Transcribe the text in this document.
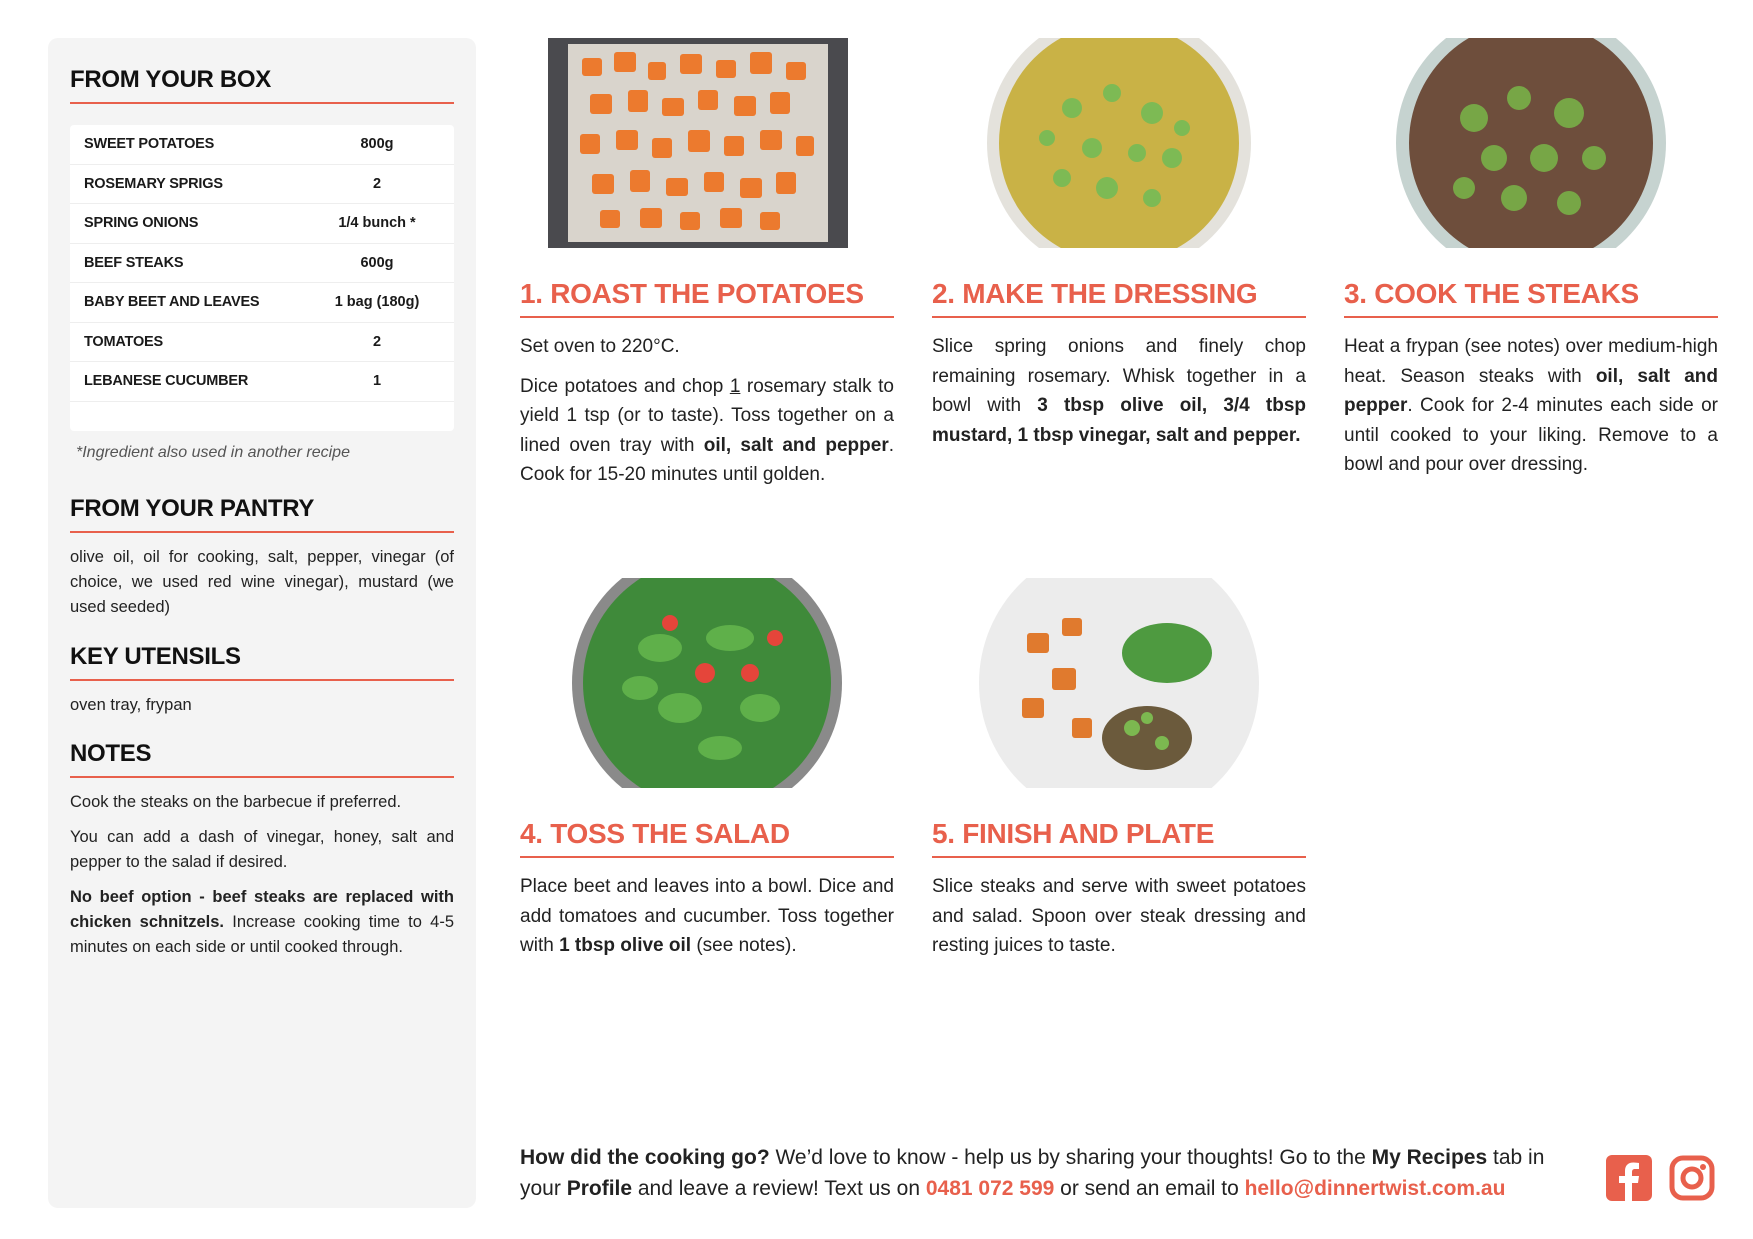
FROM YOUR BOX
SWEET POTATOES	800g
ROSEMARY SPRIGS	2
SPRING ONIONS	1/4 bunch *
BEEF STEAKS	600g
BABY BEET AND LEAVES	1 bag (180g)
TOMATOES	2
LEBANESE CUCUMBER	1
*Ingredient also used in another recipe
FROM YOUR PANTRY
olive oil, oil for cooking, salt, pepper, vinegar (of choice, we used red wine vinegar), mustard (we used seeded)
KEY UTENSILS
oven tray, frypan
NOTES

Cook the steaks on the barbecue if preferred.

You can add a dash of vinegar, honey, salt and pepper to the salad if desired.

No beef option - beef steaks are replaced with chicken schnitzels. Increase cooking time to 4-5 minutes on each side or until cooked through.

1. ROAST THE POTATOES

Set oven to 220°C.

Dice potatoes and chop 1 rosemary stalk to yield 1 tsp (or to taste). Toss together on a lined oven tray with oil, salt and pepper. Cook for 15-20 minutes until golden.

2. MAKE THE DRESSING

Slice spring onions and finely chop remaining rosemary. Whisk together in a bowl with 3 tbsp olive oil, 3/4 tbsp mustard, 1 tbsp vinegar, salt and pepper.

3. COOK THE STEAKS

Heat a frypan (see notes) over medium-high heat. Season steaks with oil, salt and pepper. Cook for 2-4 minutes each side or until cooked to your liking. Remove to a bowl and pour over dressing.

4. TOSS THE SALAD

Place beet and leaves into a bowl. Dice and add tomatoes and cucumber. Toss together with 1 tbsp olive oil (see notes).

5. FINISH AND PLATE

Slice steaks and serve with sweet potatoes and salad. Spoon over steak dressing and resting juices to taste.

How did the cooking go? We’d love to know - help us by sharing your thoughts! Go to the My Recipes tab in your Profile and leave a review! Text us on 0481 072 599 or send an email to hello@dinnertwist.com.au
